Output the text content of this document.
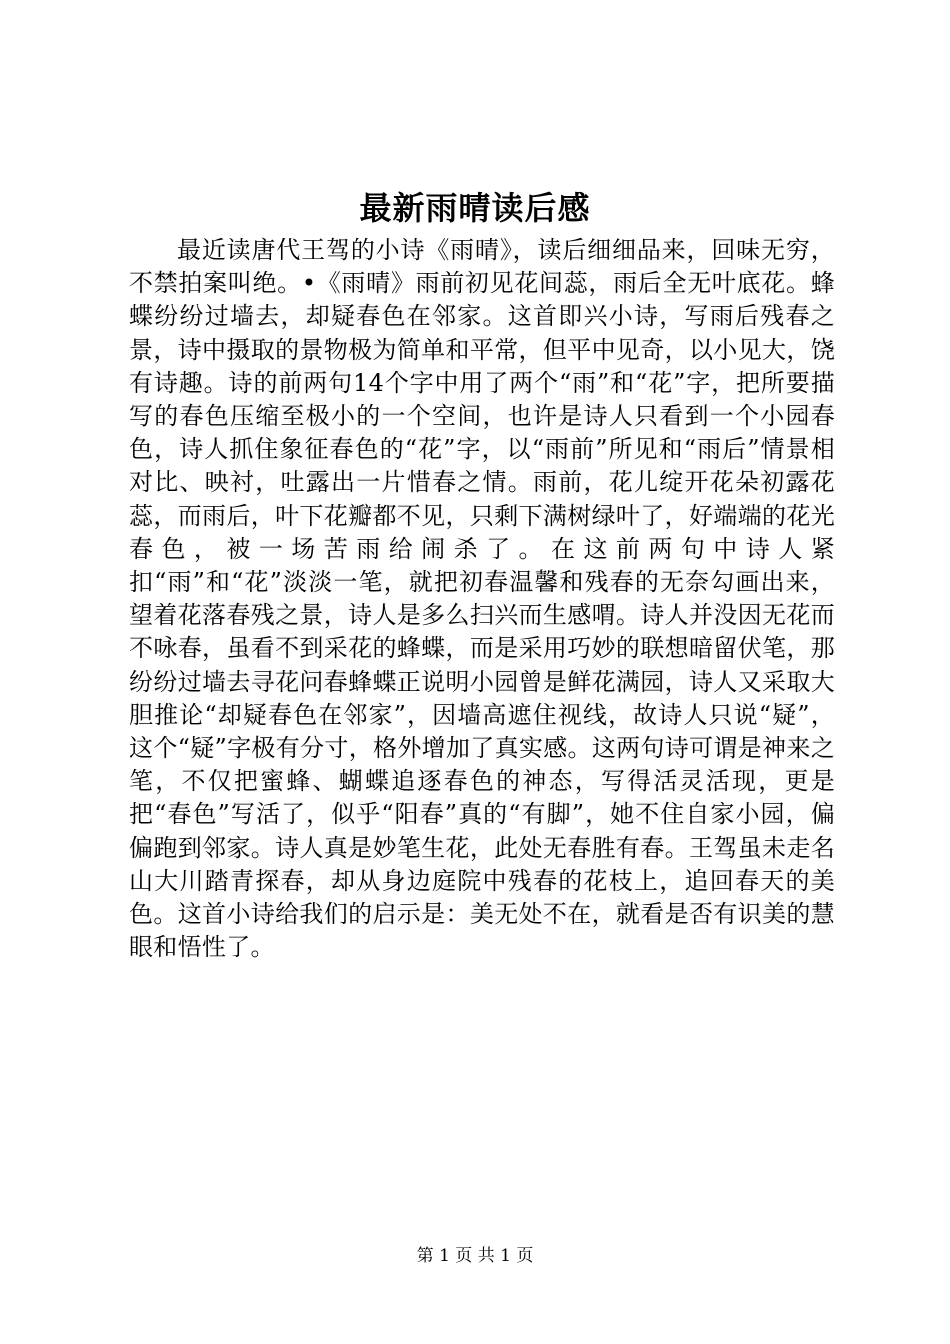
最新雨晴读后感

最近读唐代王驾的小诗《雨晴》，读后细细品来，回味无穷，不禁拍案叫绝。•《雨晴》雨前初见花间蕊，雨后全无叶底花。蜂蝶纷纷过墙去，却疑春色在邻家。这首即兴小诗，写雨后残春之景，诗中摄取的景物极为简单和平常，但平中见奇，以小见大，饶有诗趣。诗的前两句14个字中用了两个“雨”和“花”字，把所要描写的春色压缩至极小的一个空间，也许是诗人只看到一个小园春色，诗人抓住象征春色的“花”字，以“雨前”所见和“雨后”情景相对比、映衬，吐露出一片惜春之情。雨前，花儿绽开花朵初露花蕊，而雨后，叶下花瓣都不见，只剩下满树绿叶了，好端端的花光春色，被一场苦雨给闹杀了。在这前两句中诗人紧扣“雨”和“花”淡淡一笔，就把初春温馨和残春的无奈勾画出来，望着花落春残之景，诗人是多么扫兴而生感喟。诗人并没因无花而不咏春，虽看不到采花的蜂蝶，而是采用巧妙的联想暗留伏笔，那纷纷过墙去寻花问春蜂蝶正说明小园曾是鲜花满园，诗人又采取大胆推论“却疑春色在邻家”，因墙高遮住视线，故诗人只说“疑”，这个“疑”字极有分寸，格外增加了真实感。这两句诗可谓是神来之笔，不仅把蜜蜂、蝴蝶追逐春色的神态，写得活灵活现，更是把“春色”写活了，似乎“阳春”真的“有脚”，她不住自家小园，偏偏跑到邻家。诗人真是妙笔生花，此处无春胜有春。王驾虽未走名山大川踏青探春，却从身边庭院中残春的花枝上，追回春天的美色。这首小诗给我们的启示是：美无处不在，就看是否有识美的慧眼和悟性了。

第 1 页 共 1 页
